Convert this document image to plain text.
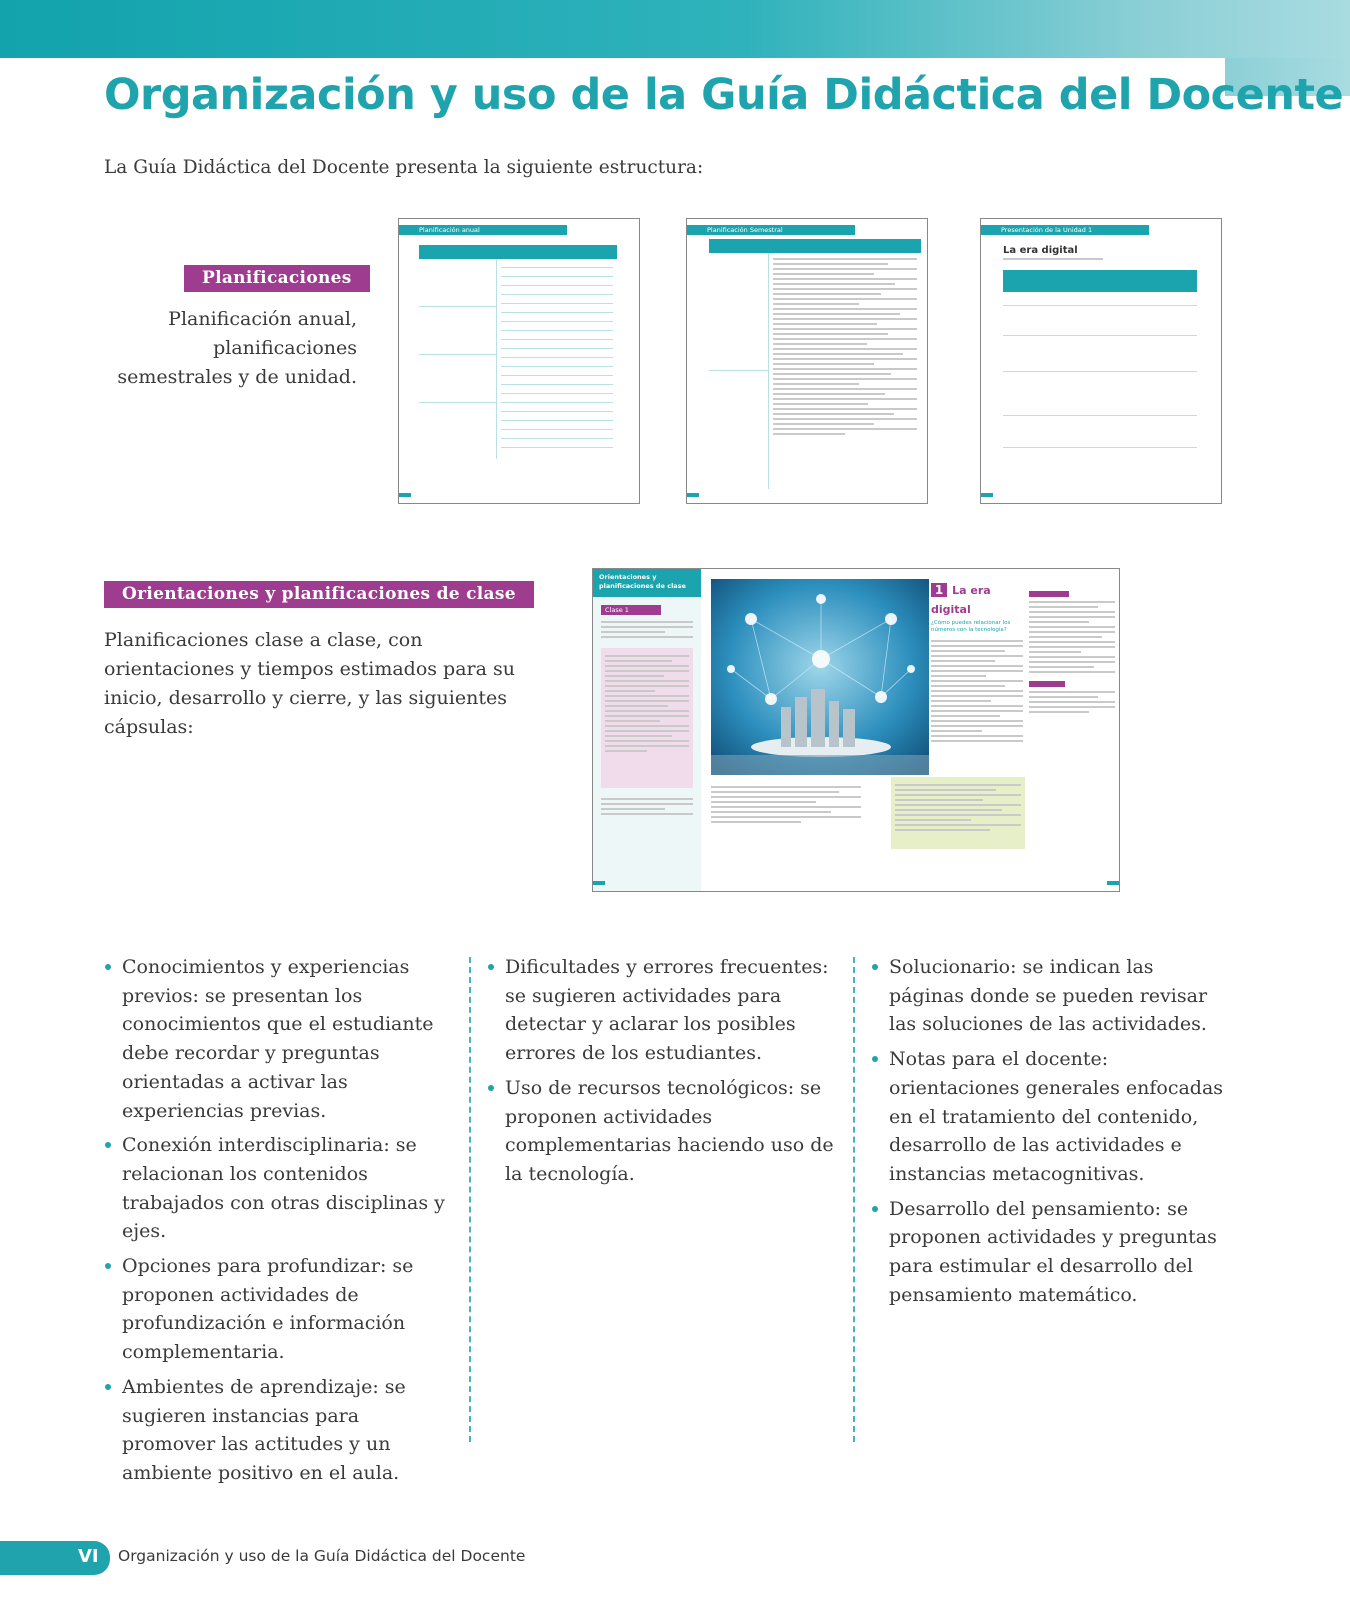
Organización y uso de la Guía Didáctica del Docente

La Guía Didáctica del Docente presenta la siguiente estructura:

Planificaciones

Planificación anual, planificaciones semestrales y de unidad.

Planificación anual	Planificación Semestral	Presentación de la Unidad 1
La era digital
Orientaciones y planificaciones de clase

Planificaciones clase a clase, con orientaciones y tiempos estimados para su inicio, desarrollo y cierre, y las siguientes cápsulas:

Orientaciones y planificaciones de clase
Clase 1
1 La era digital
¿Cómo puedes relacionar los números con la tecnología?
Conocimientos y experiencias previos: se presentan los conocimientos que el estudiante debe recordar y preguntas orientadas a activar las experiencias previas.
Conexión interdisciplinaria: se relacionan los contenidos trabajados con otras disciplinas y ejes.
Opciones para profundizar: se proponen actividades de profundización e información complementaria.
Ambientes de aprendizaje: se sugieren instancias para promover las actitudes y un ambiente positivo en el aula.
Dificultades y errores frecuentes: se sugieren actividades para detectar y aclarar los posibles errores de los estudiantes.
Uso de recursos tecnológicos: se proponen actividades complementarias haciendo uso de la tecnología.
Solucionario: se indican las páginas donde se pueden revisar las soluciones de las actividades.
Notas para el docente: orientaciones generales enfocadas en el tratamiento del contenido, desarrollo de las actividades e instancias metacognitivas.
Desarrollo del pensamiento: se proponen actividades y preguntas para estimular el desarrollo del pensamiento matemático.
VI Organización y uso de la Guía Didáctica del Docente
